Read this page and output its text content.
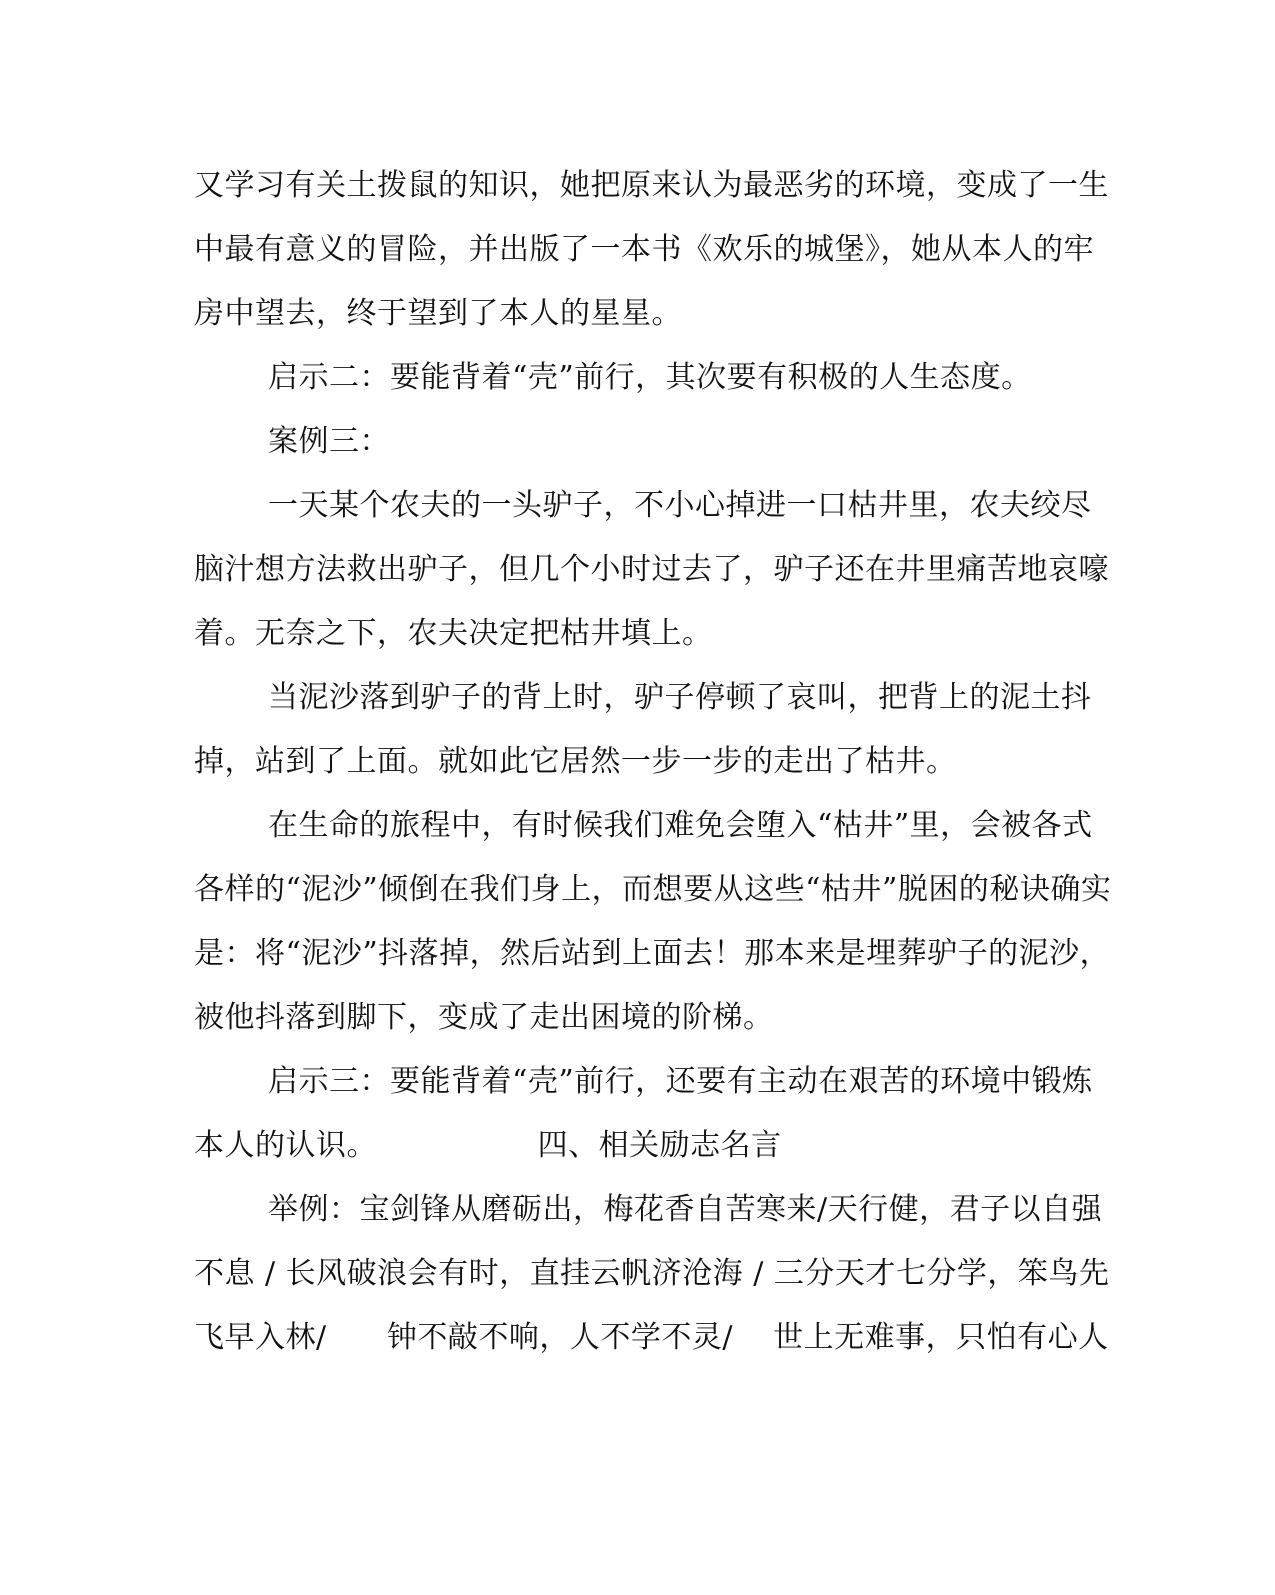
又学习有关土拨鼠的知识，她把原来认为最恶劣的环境，变成了一生
中最有意义的冒险，并出版了一本书《欢乐的城堡》，她从本人的牢
房中望去，终于望到了本人的星星。
启示二：要能背着“壳”前行，其次要有积极的人生态度。
案例三：
一天某个农夫的一头驴子，不小心掉进一口枯井里，农夫绞尽
脑汁想方法救出驴子，但几个小时过去了，驴子还在井里痛苦地哀嚎
着。无奈之下，农夫决定把枯井填上。
当泥沙落到驴子的背上时，驴子停顿了哀叫，把背上的泥土抖
掉，站到了上面。就如此它居然一步一步的走出了枯井。
在生命的旅程中，有时候我们难免会堕入“枯井”里，会被各式
各样的“泥沙”倾倒在我们身上，而想要从这些“枯井”脱困的秘诀确实
是：将“泥沙”抖落掉，然后站到上面去！那本来是埋葬驴子的泥沙，
被他抖落到脚下，变成了走出困境的阶梯。
启示三：要能背着“壳”前行，还要有主动在艰苦的环境中锻炼
本人的认识。                四、相关励志名言
举例：宝剑锋从磨砺出，梅花香自苦寒来/天行健，君子以自强
不息 / 长风破浪会有时，直挂云帆济沧海 / 三分天才七分学，笨鸟先
飞早入林/      钟不敲不响，人不学不灵/    世上无难事，只怕有心人
